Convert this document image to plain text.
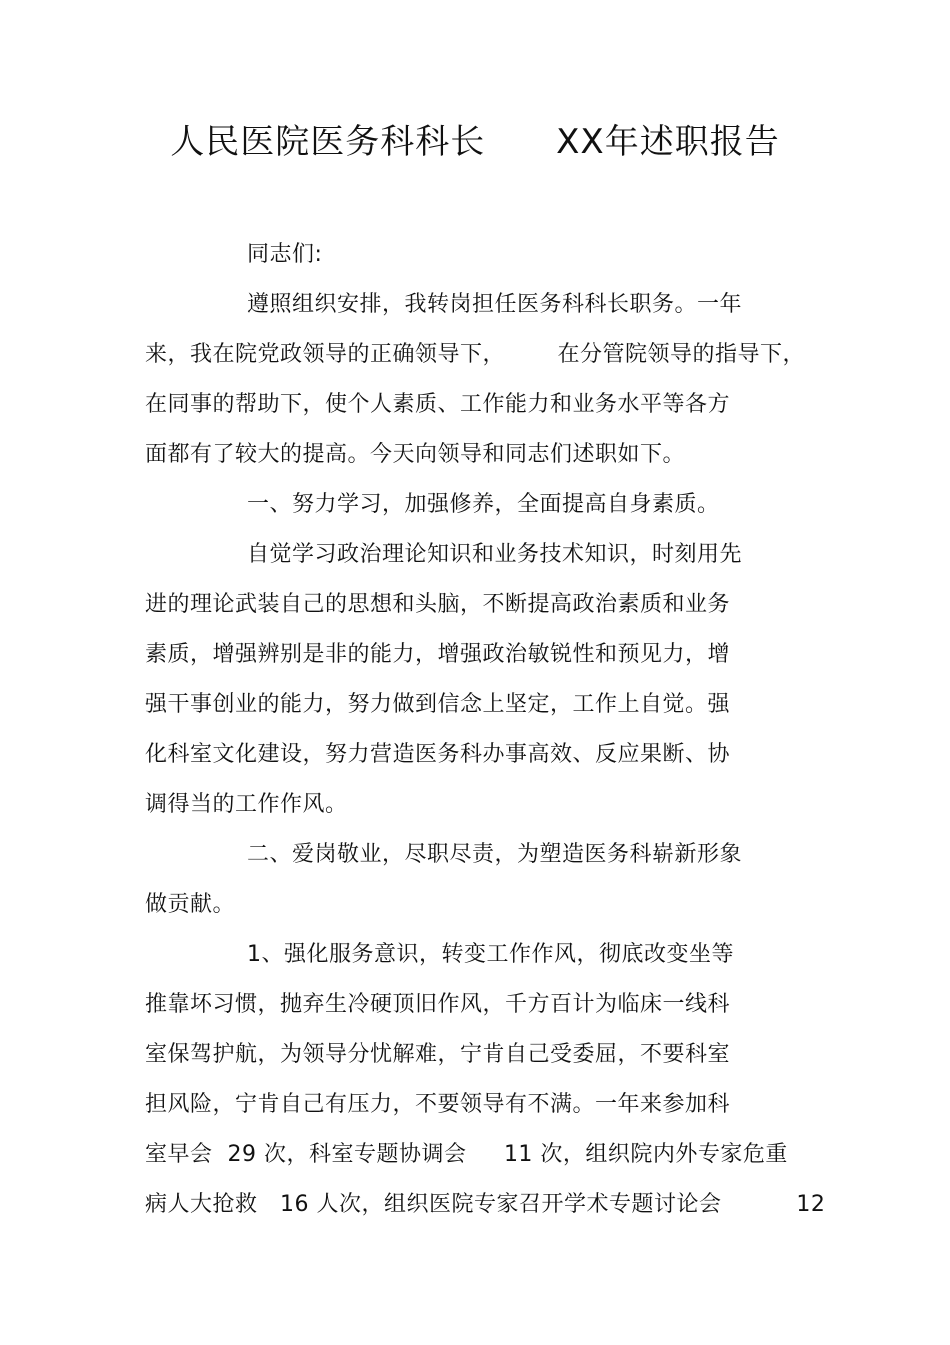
人民医院医务科科长      XX年述职报告
同志们:
遵照组织安排，我转岗担任医务科科长职务。一年
来，我在院党政领导的正确领导下，       在分管院领导的指导下，
在同事的帮助下，使个人素质、工作能力和业务水平等各方
面都有了较大的提高。今天向领导和同志们述职如下。
一、努力学习，加强修养，全面提高自身素质。
自觉学习政治理论知识和业务技术知识，时刻用先
进的理论武装自己的思想和头脑，不断提高政治素质和业务
素质，增强辨别是非的能力，增强政治敏锐性和预见力，增
强干事创业的能力，努力做到信念上坚定，工作上自觉。强
化科室文化建设，努力营造医务科办事高效、反应果断、协
调得当的工作作风。
二、爱岗敬业，尽职尽责，为塑造医务科崭新形象
做贡献。
1、强化服务意识，转变工作作风，彻底改变坐等
推靠坏习惯，抛弃生冷硬顶旧作风，千方百计为临床一线科
室保驾护航，为领导分忧解难，宁肯自己受委屈，不要科室
担风险，宁肯自己有压力，不要领导有不满。一年来参加科
室早会  29 次，科室专题协调会     11 次，组织院内外专家危重
病人大抢救   16 人次，组织医院专家召开学术专题讨论会          12
